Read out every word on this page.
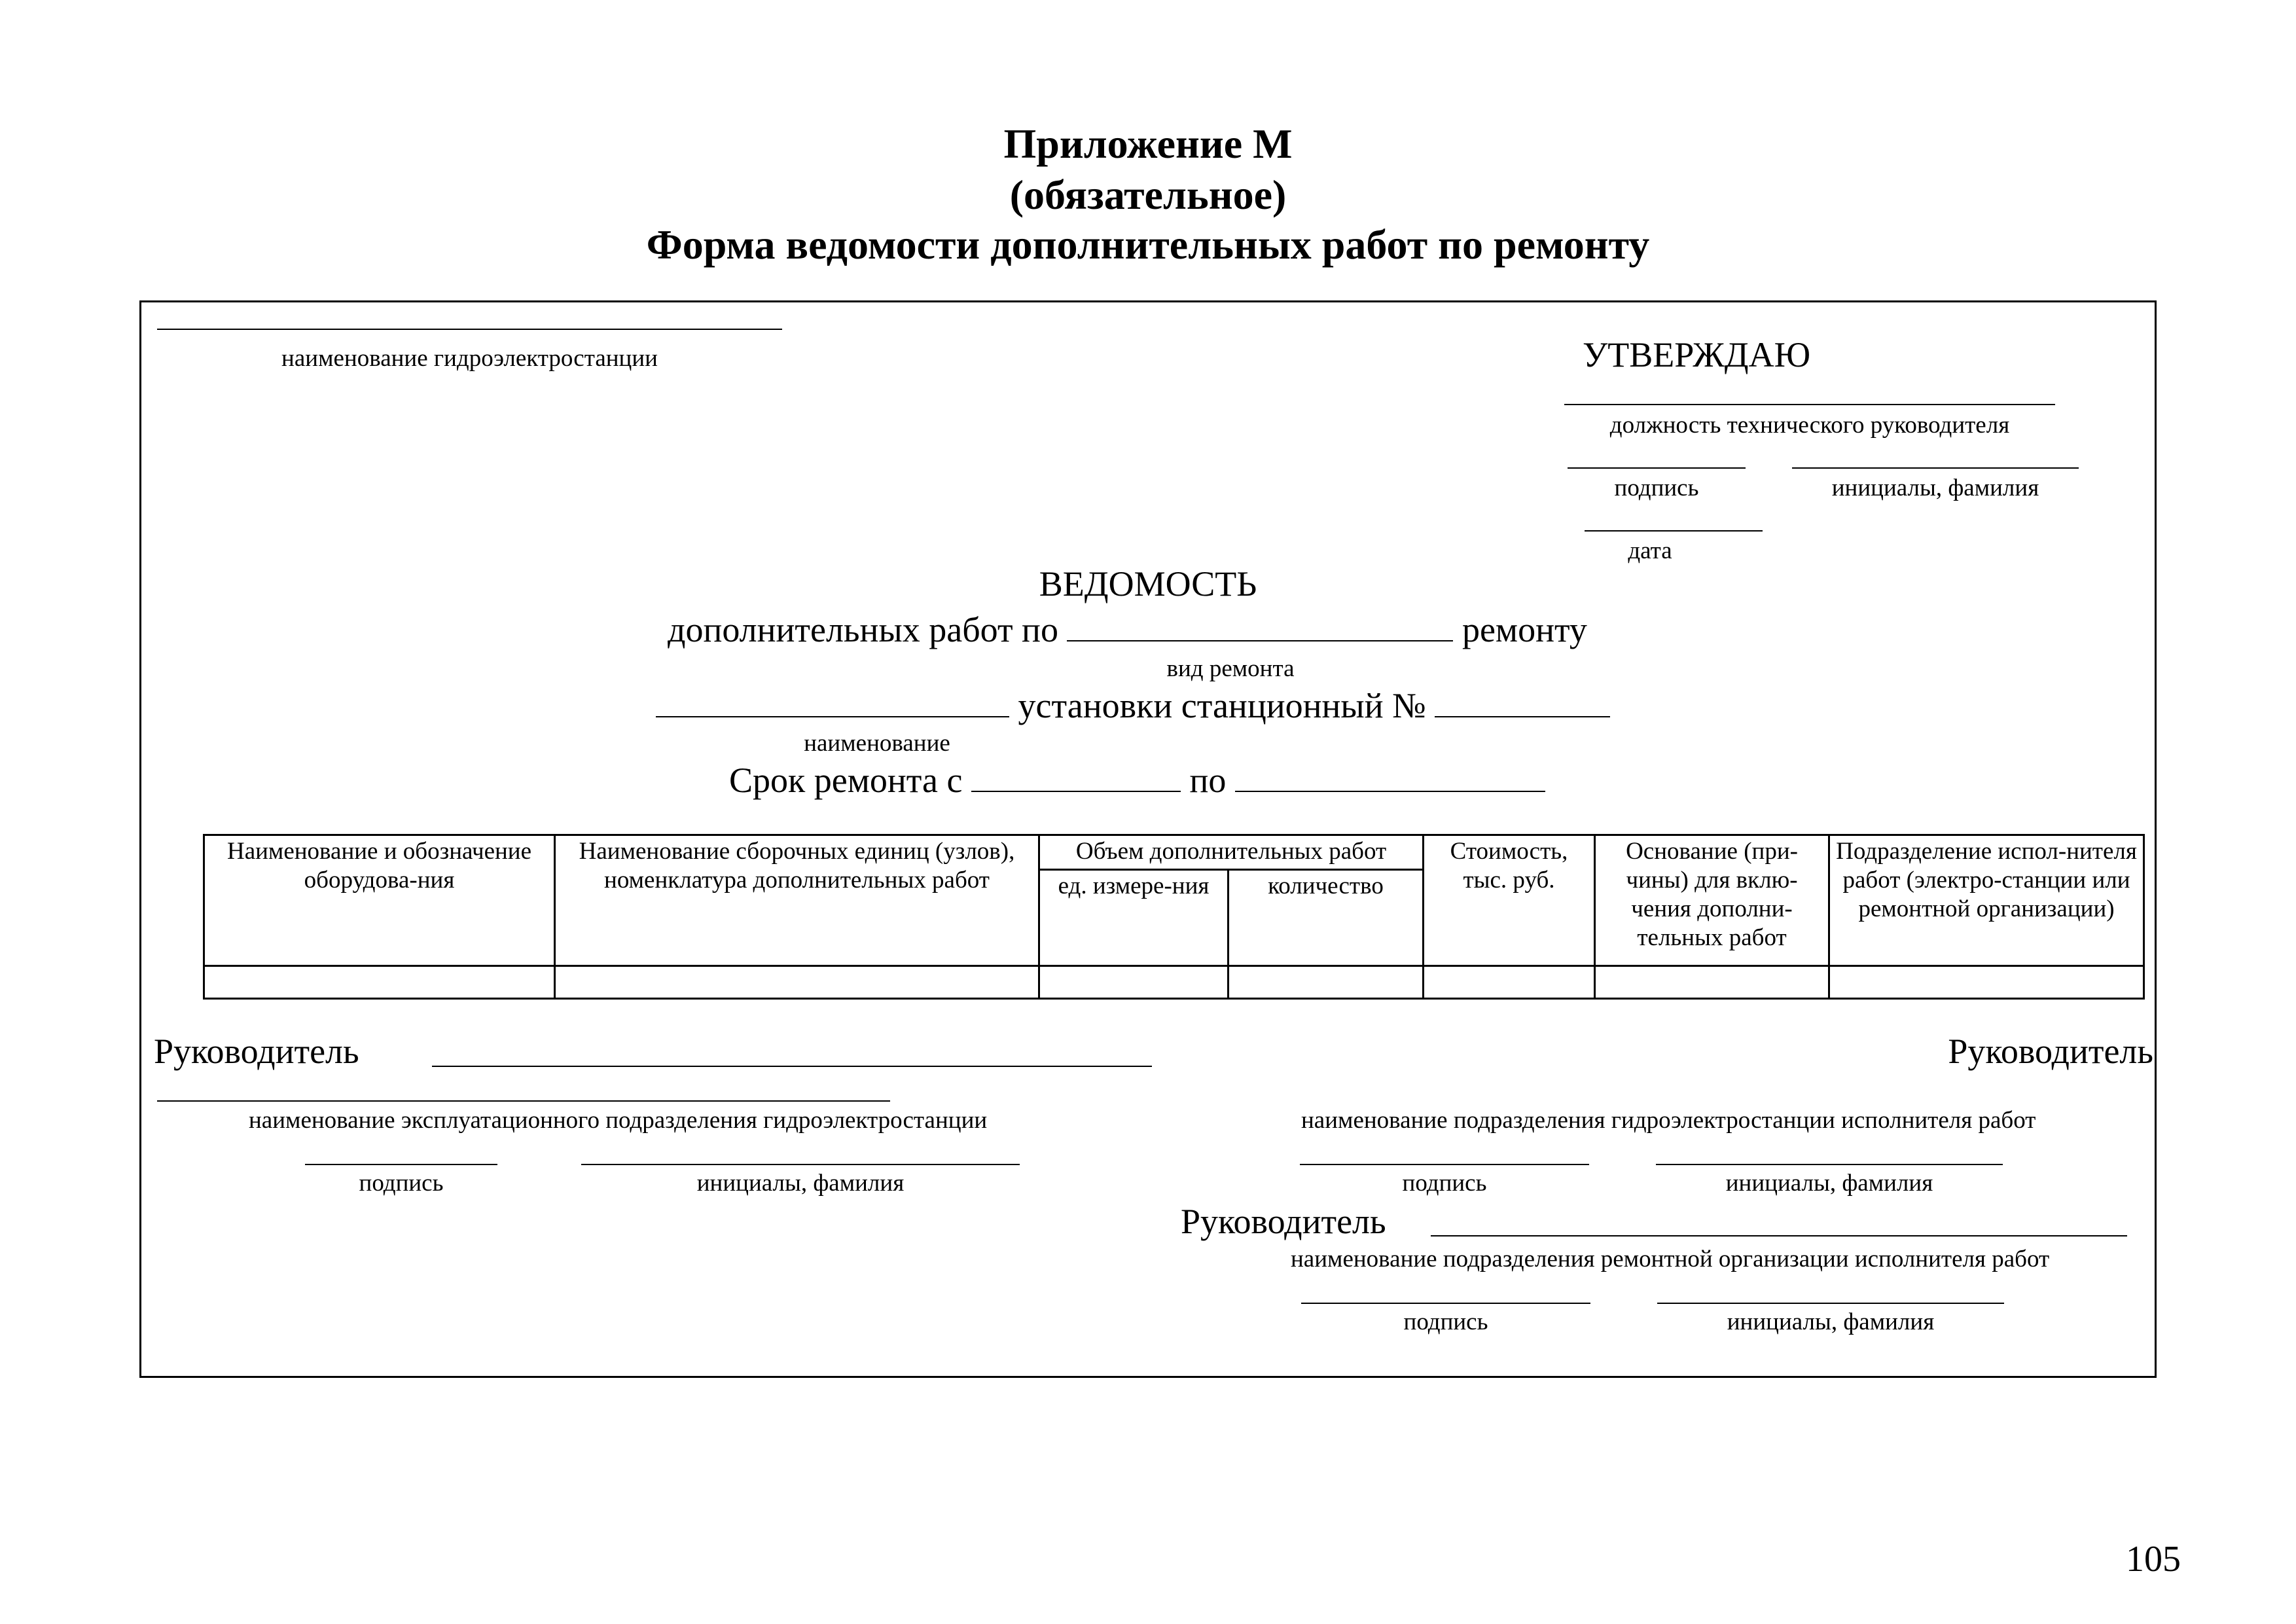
Приложение М
(обязательное)
Форма ведомости дополнительных работ по ремонту
наименование гидроэлектростанции	УТВЕРЖДАЮ
должность технического руководителя
подпись	инициалы, фамилия
дата
ВЕДОМОСТЬ
дополнительных работ по	ремонту
вид ремонта
установки станционный №
наименование
Срок ремонта с	по
Наименование и обозначение оборудова-ния	Наименование сборочных единиц (узлов), номенклатура дополнительных работ	Объем дополнительных работ		Стоимость, тыс. руб.	Основание (при-чины) для вклю-чения дополни-тельных работ	Подразделение испол-нителя работ (электро-станции или ремонтной организации)
		ед. измере-ния	количество			

Руководитель
наименование эксплуатационного подразделения гидроэлектростанции
подпись	инициалы, фамилия
Руководитель
наименование подразделения гидроэлектростанции исполнителя работ
подпись	инициалы, фамилия
Руководитель
наименование подразделения ремонтной организации исполнителя работ
подпись	инициалы, фамилия
105
